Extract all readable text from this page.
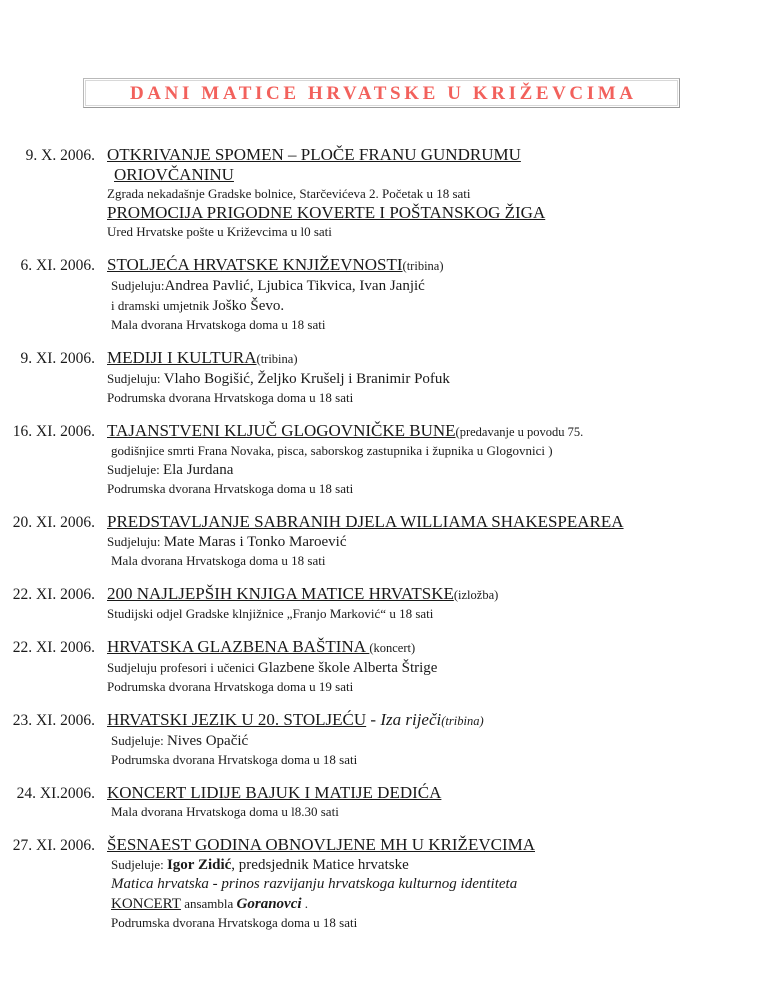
DANI MATICE HRVATSKE U KRIŽEVCIMA
9. X. 2006. OTKRIVANJE SPOMEN – PLOČE FRANU GUNDRUMU
ORIOVČANINU
Zgrada nekadašnje Gradske bolnice, Starčevićeva 2. Početak u 18 sati
PROMOCIJA PRIGODNE KOVERTE I POŠTANSKOG ŽIGA
Ured Hrvatske pošte u Križevcima u l0 sati
6. XI. 2006. STOLJEĆA HRVATSKE KNJIŽEVNOSTI(tribina)
Sudjeluju:Andrea Pavlić, Ljubica Tikvica, Ivan Janjić
i dramski umjetnik Joško Ševo.
Mala dvorana Hrvatskoga doma u 18 sati
9. XI. 2006. MEDIJI I KULTURA(tribina)
Sudjeluju: Vlaho Bogišić, Željko Krušelj i Branimir Pofuk
Podrumska dvorana Hrvatskoga doma u 18 sati
16. XI. 2006. TAJANSTVENI KLJUČ GLOGOVNIČKE BUNE(predavanje u povodu 75.
godišnjice smrti Frana Novaka, pisca, saborskog zastupnika i župnika u Glogovnici )
Sudjeluje: Ela Jurdana
Podrumska dvorana Hrvatskoga doma u 18 sati
20. XI. 2006. PREDSTAVLJANJE SABRANIH DJELA WILLIAMA SHAKESPEAREA
Sudjeluju: Mate Maras i Tonko Maroević
Mala dvorana Hrvatskoga doma u 18 sati
22. XI. 2006. 200 NAJLJEPŠIH KNJIGA MATICE HRVATSKE(izložba)
Studijski odjel Gradske klnjižnice „Franjo Marković“ u 18 sati
22. XI. 2006. HRVATSKA GLAZBENA BAŠTINA (koncert)
Sudjeluju profesori i učenici Glazbene škole Alberta Štrige
Podrumska dvorana Hrvatskoga doma u 19 sati
23. XI. 2006. HRVATSKI JEZIK U 20. STOLJEĆU - Iza riječi(tribina)
Sudjeluje: Nives Opačić
Podrumska dvorana Hrvatskoga doma u 18 sati
24. XI.2006. KONCERT LIDIJE BAJUK I MATIJE DEDIĆA
Mala dvorana Hrvatskoga doma u l8.30 sati
27. XI. 2006. ŠESNAEST GODINA OBNOVLJENE MH U KRIŽEVCIMA
Sudjeluje: Igor Zidić, predsjednik Matice hrvatske
Matica hrvatska - prinos razvijanju hrvatskoga kulturnog identiteta
KONCERT ansambla Goranovci .
Podrumska dvorana Hrvatskoga doma u 18 sati
